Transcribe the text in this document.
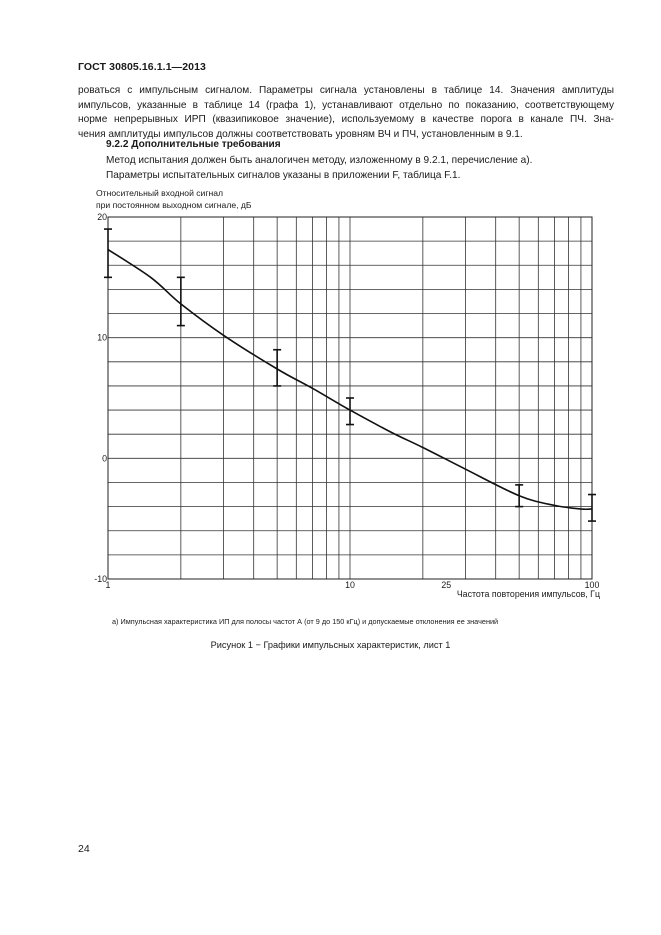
ГОСТ 30805.16.1.1—2013
роваться с импульсным сигналом. Параметры сигнала установлены в таблице 14. Значения амплитуды
импульсов, указанные в таблице 14 (графа 1), устанавливают отдельно по показанию, соответствующему
норме непрерывных ИРП (квазипиковое значение), используемому в качестве порога в канале ПЧ. Зна-
чения амплитуды импульсов должны соответствовать уровням ВЧ и ПЧ, установленным в 9.1.
9.2.2 Дополнительные требования
Метод испытания должен быть аналогичен методу, изложенному в 9.2.1, перечисление а).
Параметры испытательных сигналов указаны в приложении F, таблица F.1.
Относительный входной сигнал
при постоянном выходном сигнале, дБ
1	10	25	100
20
10
0
-10
Частота повторения импульсов, Гц
а) Импульсная характеристика ИП для полосы частот А (от 9 до 150 кГц) и допускаемые отклонения ее значений
Рисунок 1 − Графики импульсных характеристик, лист 1
24
